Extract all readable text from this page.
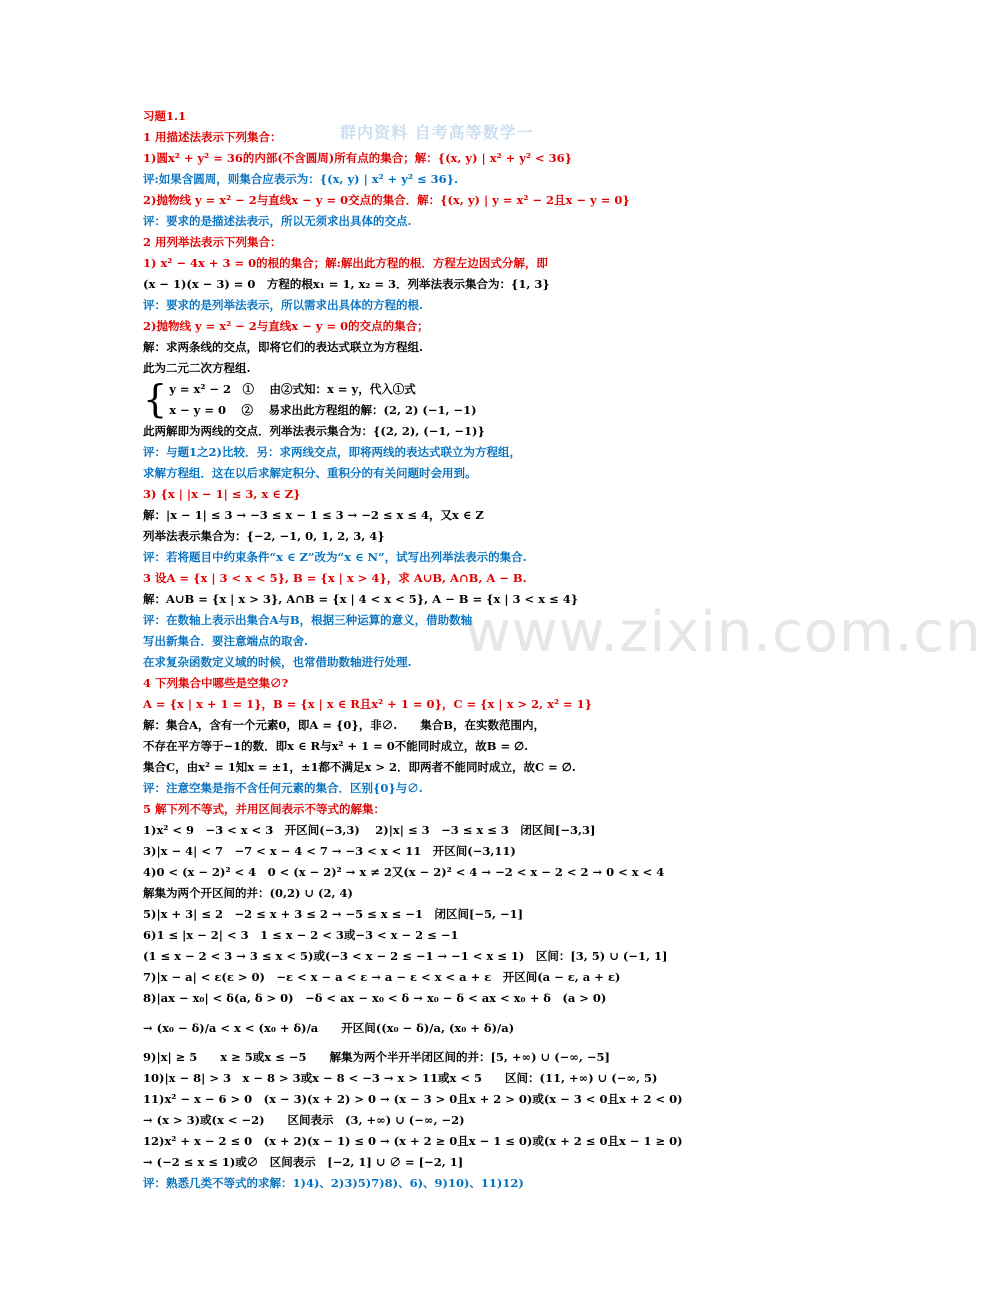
群内资料 自考高等数学一
www.zixin.com.cn
习题1.1
1 用描述法表示下列集合：
1)圆x² + y² = 36的内部(不含圆周)所有点的集合；解：{(x, y) | x² + y² < 36}
评:如果含圆周，则集合应表示为：{(x, y) | x² + y² ≤ 36}.
2)抛物线 y = x² − 2与直线x − y = 0交点的集合．解：{(x, y) | y = x² − 2且x − y = 0}
评：要求的是描述法表示，所以无须求出具体的交点.
2 用列举法表示下列集合：
1) x² − 4x + 3 = 0的根的集合；解:解出此方程的根．方程左边因式分解，即
(x − 1)(x − 3) = 0　方程的根x₁ = 1, x₂ = 3．列举法表示集合为：{1, 3}
评：要求的是列举法表示，所以需求出具体的方程的根.
2)抛物线 y = x² − 2与直线x − y = 0的交点的集合；
解：求两条线的交点，即将它们的表达式联立为方程组.
此为二元二次方程组.
{ y = x² − 2　①　 由②式知：x = y，代入①式
x − y = 0　 ②　 易求出此方程组的解：(2, 2) (−1, −1)
此两解即为两线的交点．列举法表示集合为：{(2, 2), (−1, −1)}
评：与题1之2)比较．另：求两线交点，即将两线的表达式联立为方程组，
求解方程组．这在以后求解定积分、重积分的有关问题时会用到。
3) {x | |x − 1| ≤ 3, x ∈ Z}
解：|x − 1| ≤ 3 → −3 ≤ x − 1 ≤ 3 → −2 ≤ x ≤ 4，又x ∈ Z
列举法表示集合为：{−2, −1, 0, 1, 2, 3, 4}
评：若将题目中约束条件“x ∈ Z”改为“x ∈ N”，试写出列举法表示的集合.
3 设A = {x | 3 < x < 5}, B = {x | x > 4}，求 A∪B, A∩B, A − B.
解：A∪B = {x | x > 3}, A∩B = {x | 4 < x < 5}, A − B = {x | 3 < x ≤ 4}
评：在数轴上表示出集合A与B，根据三种运算的意义，借助数轴
写出新集合．要注意端点的取舍.
在求复杂函数定义域的时候，也常借助数轴进行处理.
4 下列集合中哪些是空集∅?
A = {x | x + 1 = 1}，B = {x | x ∈ R且x² + 1 = 0}，C = {x | x > 2, x² = 1}
解：集合A，含有一个元素0，即A = {0}，非∅.　　集合B，在实数范围内，
不存在平方等于−1的数．即x ∈ R与x² + 1 = 0不能同时成立，故B = ∅.
集合C，由x² = 1知x = ±1，±1都不满足x > 2．即两者不能同时成立，故C = ∅.
评：注意空集是指不含任何元素的集合．区别{0}与∅.
5 解下列不等式，并用区间表示不等式的解集：
1)x² < 9　−3 < x < 3　开区间(−3,3)　 2)|x| ≤ 3　−3 ≤ x ≤ 3　闭区间[−3,3]
3)|x − 4| < 7　−7 < x − 4 < 7 → −3 < x < 11　开区间(−3,11)
4)0 < (x − 2)² < 4　0 < (x − 2)² → x ≠ 2又(x − 2)² < 4 → −2 < x − 2 < 2 → 0 < x < 4
解集为两个开区间的并：(0,2) ∪ (2, 4)
5)|x + 3| ≤ 2　−2 ≤ x + 3 ≤ 2 → −5 ≤ x ≤ −1　闭区间[−5, −1]
6)1 ≤ |x − 2| < 3　1 ≤ x − 2 < 3或−3 < x − 2 ≤ −1
(1 ≤ x − 2 < 3 → 3 ≤ x < 5)或(−3 < x − 2 ≤ −1 → −1 < x ≤ 1)　区间：[3, 5) ∪ (−1, 1]
7)|x − a| < ε(ε > 0)　−ε < x − a < ε → a − ε < x < a + ε　开区间(a − ε, a + ε)
8)|ax − x₀| < δ(a, δ > 0)　−δ < ax − x₀ < δ → x₀ − δ < ax < x₀ + δ　(a > 0)
→ (x₀ − δ)/a < x < (x₀ + δ)/a　　开区间((x₀ − δ)/a, (x₀ + δ)/a)
9)|x| ≥ 5　　x ≥ 5或x ≤ −5　　解集为两个半开半闭区间的并：[5, +∞) ∪ (−∞, −5]
10)|x − 8| > 3　x − 8 > 3或x − 8 < −3 → x > 11或x < 5　　区间：(11, +∞) ∪ (−∞, 5)
11)x² − x − 6 > 0　(x − 3)(x + 2) > 0 → (x − 3 > 0且x + 2 > 0)或(x − 3 < 0且x + 2 < 0)
→ (x > 3)或(x < −2)　　区间表示　(3, +∞) ∪ (−∞, −2)
12)x² + x − 2 ≤ 0　(x + 2)(x − 1) ≤ 0 → (x + 2 ≥ 0且x − 1 ≤ 0)或(x + 2 ≤ 0且x − 1 ≥ 0)
→ (−2 ≤ x ≤ 1)或∅　区间表示　[−2, 1] ∪ ∅ = [−2, 1]
评：熟悉几类不等式的求解：1)4)、2)3)5)7)8)、6)、9)10)、11)12)
